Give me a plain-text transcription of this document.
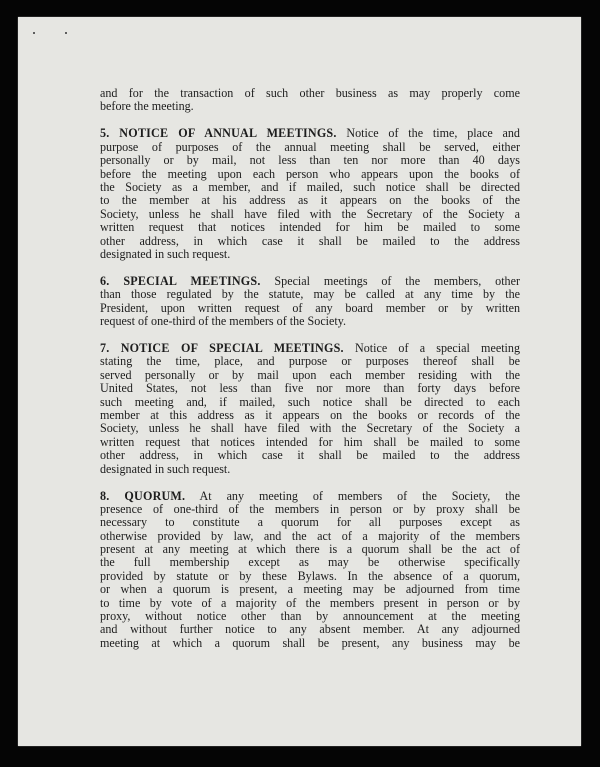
and for the transaction of such other business as may properly come
before the meeting.
5. NOTICE OF ANNUAL MEETINGS. Notice of the time, place and
purpose of purposes of the annual meeting shall be served, either
personally or by mail, not less than ten nor more than 40 days
before the meeting upon each person who appears upon the books of
the Society as a member, and if mailed, such notice shall be directed
to the member at his address as it appears on the books of the
Society, unless he shall have filed with the Secretary of the Society a
written request that notices intended for him be mailed to some
other address, in which case it shall be mailed to the address
designated in such request.
6. SPECIAL MEETINGS. Special meetings of the members, other
than those regulated by the statute, may be called at any time by the
President, upon written request of any board member or by written
request of one-third of the members of the Society.
7. NOTICE OF SPECIAL MEETINGS. Notice of a special meeting
stating the time, place, and purpose or purposes thereof shall be
served personally or by mail upon each member residing with the
United States, not less than five nor more than forty days before
such meeting and, if mailed, such notice shall be directed to each
member at this address as it appears on the books or records of the
Society, unless he shall have filed with the Secretary of the Society a
written request that notices intended for him shall be mailed to some
other address, in which case it shall be mailed to the address
designated in such request.
8. QUORUM. At any meeting of members of the Society, the
presence of one-third of the members in person or by proxy shall be
necessary to constitute a quorum for all purposes except as
otherwise provided by law, and the act of a majority of the members
present at any meeting at which there is a quorum shall be the act of
the full membership except as may be otherwise specifically
provided by statute or by these Bylaws. In the absence of a quorum,
or when a quorum is present, a meeting may be adjourned from time
to time by vote of a majority of the members present in person or by
proxy, without notice other than by announcement at the meeting
and without further notice to any absent member. At any adjourned
meeting at which a quorum shall be present, any business may be
